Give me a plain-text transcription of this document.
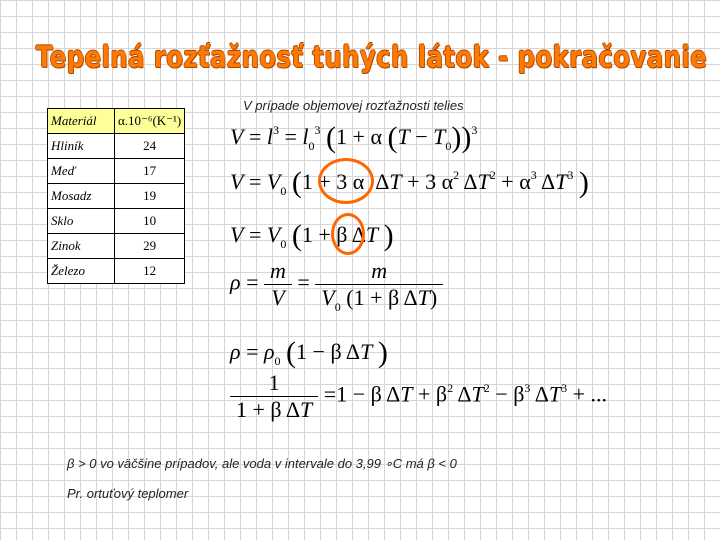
Tepelná rozťažnosť tuhých látok - pokračovanie
Materiál	α.10⁻⁶(K⁻¹)
Hliník	24
Meď	17
Mosadz	19
Sklo	10
Zinok	29
Železo	12
V prípade objemovej rozťažnosti telies
$V = l^3 = l_0^3$ (1 + α $(T - T_0))^3$
$V = V_0$ (1 + 3 α  ΔT + 3 $\alpha^2$ $\Delta T^2 + \alpha^3$ $\Delta T^3$ )
$V = V_0$ (1 + β ΔT )
$\rho = \frac{m}{V} = \frac{m}{V_0 (1 + \beta \Delta T)}$
$\rho = \rho_0$ (1 − β ΔT )
$\frac{1}{\text{1 + β ΔT}} =1 - \beta$ $\Delta T + \beta^2$ $\Delta T^2 - \beta^3$ $\Delta T^3$ + ...
β > 0 vo väčšine prípadov, ale voda v intervale do 3,99 ∘C má β < 0
Pr. ortuťový teplomer
